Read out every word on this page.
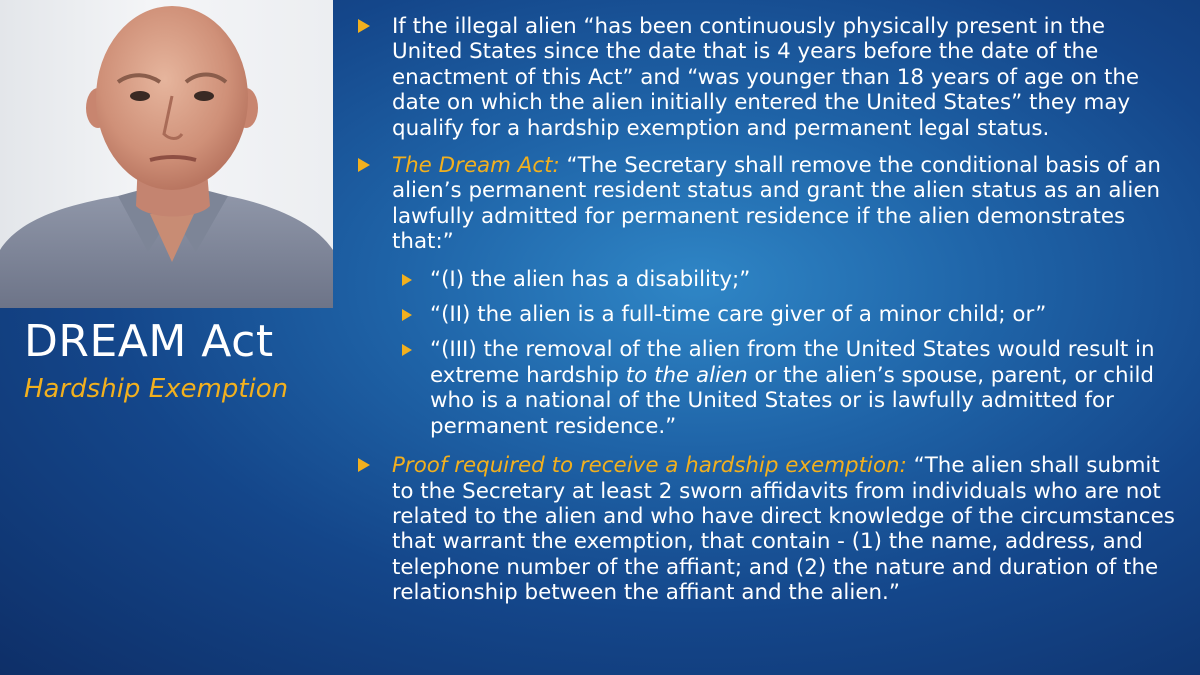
DREAM Act
Hardship Exemption
If the illegal alien “has been continuously physically present in the United States since the date that is 4 years before the date of the enactment of this Act” and “was younger than 18 years of age on the date on which the alien initially entered the United States” they may qualify for a hardship exemption and permanent legal status.
The Dream Act: “The Secretary shall remove the conditional basis of an alien’s permanent resident status and grant the alien status as an alien lawfully admitted for permanent residence if the alien demonstrates that:”
“(I) the alien has a disability;”
“(II) the alien is a full-time care giver of a minor child; or”
“(III) the removal of the alien from the United States would result in extreme hardship to the alien or the alien’s spouse, parent, or child who is a national of the United States or is lawfully admitted for permanent residence.”
Proof required to receive a hardship exemption: “The alien shall submit to the Secretary at least 2 sworn affidavits from individuals who are not related to the alien and who have direct knowledge of the circumstances that warrant the exemption, that contain - (1) the name, address, and telephone number of the affiant; and (2) the nature and duration of the relationship between the affiant and the alien.”
